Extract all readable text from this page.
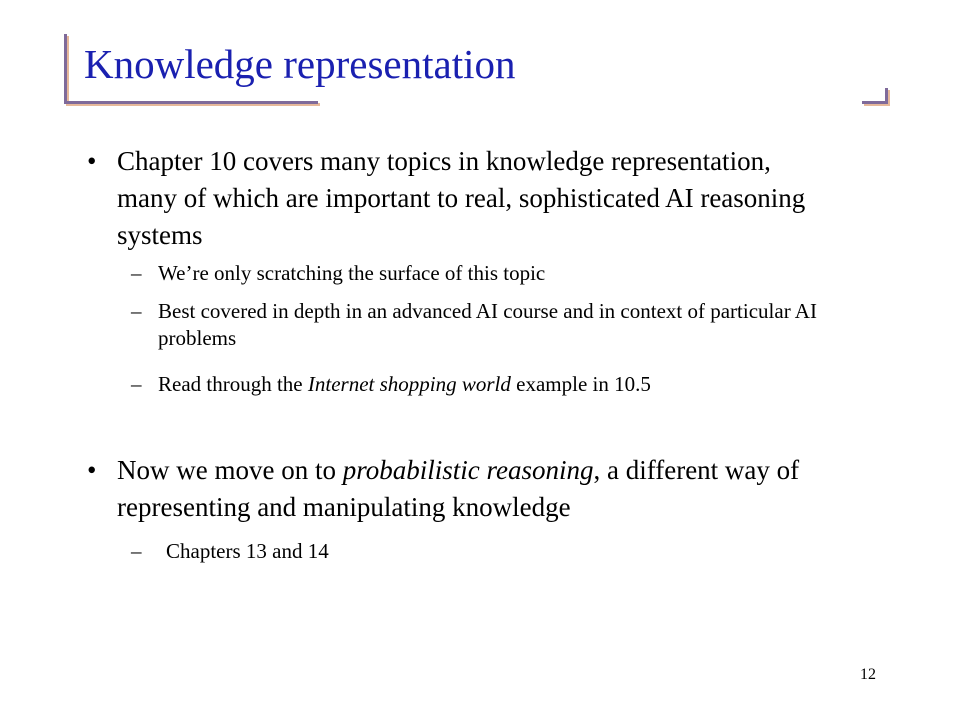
Knowledge representation
• Chapter 10 covers many topics in knowledge representation, many of which are important to real, sophisticated AI reasoning systems
– We’re only scratching the surface of this topic
– Best covered in depth in an advanced AI course and in context of particular AI problems
– Read through the Internet shopping world example in 10.5
• Now we move on to probabilistic reasoning, a different way of representing and manipulating knowledge
– Chapters 13 and 14
12
